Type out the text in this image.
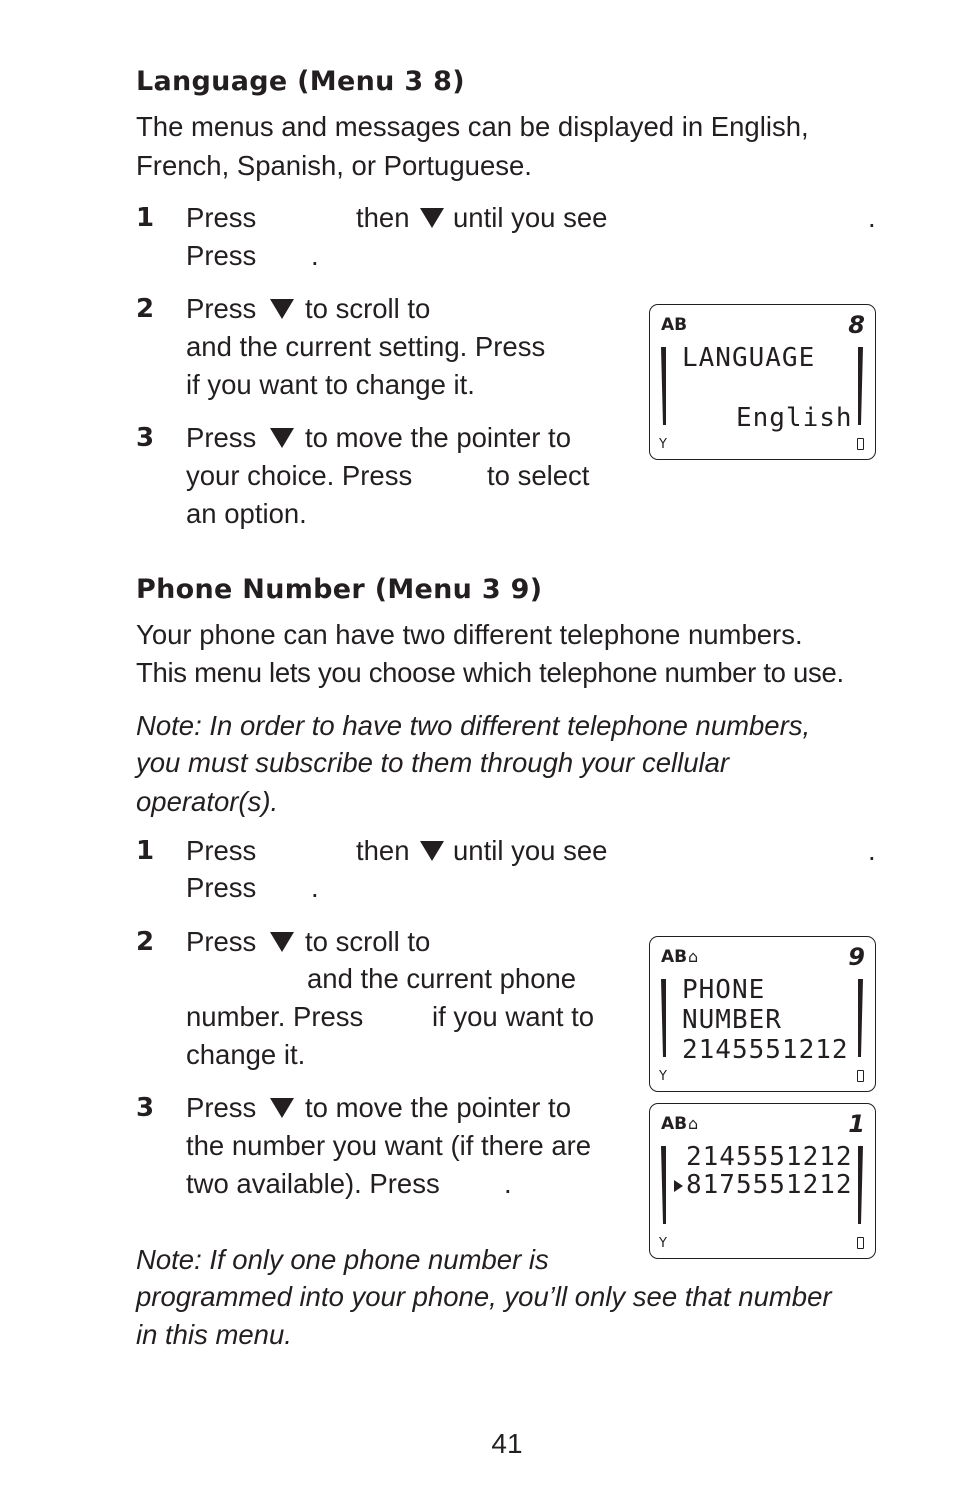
Language (Menu 3 8)

The menus and messages can be displayed in English,

French, Spanish, or Portuguese.

1 Press	then until you see	.
Press .
2 Press to scroll to
and the current setting. Press
if you want to change it.
3 Press to move the pointer to
your choice. Press	to select
an option.
AB	8
LANGUAGE
English
Y
Phone Number (Menu 3 9)

Your phone can have two different telephone numbers.

This menu lets you choose which telephone number to use.

Note: In order to have two different telephone numbers,

you must subscribe to them through your cellular

operator(s).

1 Press	then until you see	.
Press .
2 Press to scroll to
and the current phone
number. Press if you want to
change it.
3 Press to move the pointer to
the number you want (if there are
two available). Press .
AB ⌂	9
PHONE
NUMBER
2145551212
Y
AB ⌂	1
2145551212
8175551212
Y

Note: If only one phone number is

programmed into your phone, you’ll only see that number

in this menu.

41
